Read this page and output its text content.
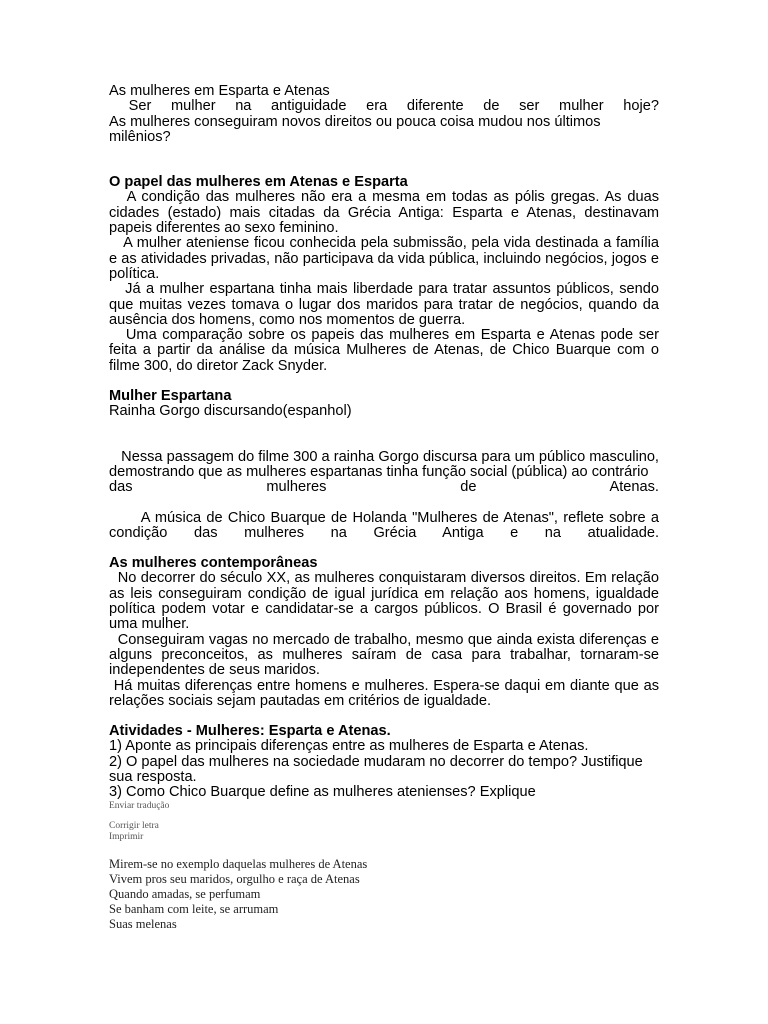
As mulheres em Esparta e Atenas

Ser mulher na antiguidade era diferente de ser mulher hoje?

As mulheres conseguiram novos direitos ou pouca coisa mudou nos últimos milênios?

O papel das mulheres em Atenas e Esparta

A condição das mulheres não era a mesma em todas as pólis gregas. As duas cidades (estado) mais citadas da Grécia Antiga: Esparta e Atenas, destinavam papeis diferentes ao sexo feminino.

A mulher ateniense ficou conhecida pela submissão, pela vida destinada a família e as atividades privadas, não participava da vida pública, incluindo negócios, jogos e política.

Já a mulher espartana tinha mais liberdade para tratar assuntos públicos, sendo que muitas vezes tomava o lugar dos maridos para tratar de negócios, quando da ausência dos homens, como nos momentos de guerra.

Uma comparação sobre os papeis das mulheres em Esparta e Atenas pode ser feita a partir da análise da música Mulheres de Atenas, de Chico Buarque com o filme 300, do diretor Zack Snyder.

Mulher Espartana

Rainha Gorgo discursando(espanhol)

Nessa passagem do filme 300 a rainha Gorgo discursa para um público masculino, demostrando que as mulheres espartanas tinha função social (pública) ao contrário

das mulheres de Atenas.

A música de Chico Buarque de Holanda "Mulheres de Atenas", reflete sobre a

condição das mulheres na Grécia Antiga e na atualidade.

As mulheres contemporâneas

No decorrer do século XX, as mulheres conquistaram diversos direitos. Em relação as leis conseguiram condição de igual jurídica em relação aos homens, igualdade política podem votar e candidatar-se a cargos públicos. O Brasil é governado por uma mulher.

Conseguiram vagas no mercado de trabalho, mesmo que ainda exista diferenças e alguns preconceitos, as mulheres saíram de casa para trabalhar, tornaram-se independentes de seus maridos.

Há muitas diferenças entre homens e mulheres. Espera-se daqui em diante que as relações sociais sejam pautadas em critérios de igualdade.

Atividades - Mulheres: Esparta e Atenas.

1) Aponte as principais diferenças entre as mulheres de Esparta e Atenas.

2) O papel das mulheres na sociedade mudaram no decorrer do tempo? Justifique sua resposta.

3) Como Chico Buarque define as mulheres atenienses? Explique

Enviar tradução
Corrigir letra
Imprimir
Mirem-se no exemplo daquelas mulheres de Atenas
Vivem pros seu maridos, orgulho e raça de Atenas
Quando amadas, se perfumam
Se banham com leite, se arrumam
Suas melenas
